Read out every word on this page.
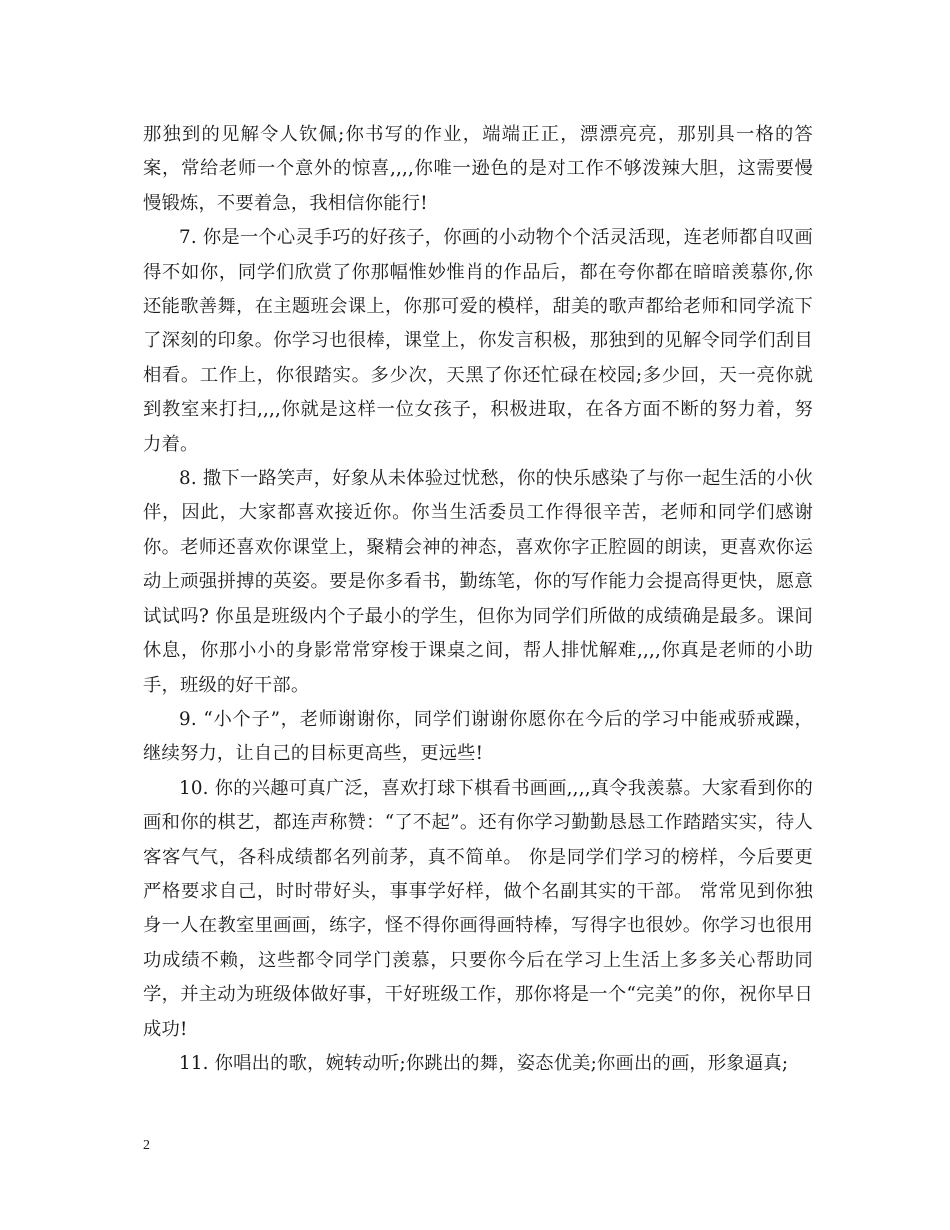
那独到的见解令人钦佩;你书写的作业，端端正正，漂漂亮亮，那别具一格的答案，常给老师一个意外的惊喜,,,,你唯一逊色的是对工作不够泼辣大胆，这需要慢慢锻炼，不要着急，我相信你能行!

7. 你是一个心灵手巧的好孩子，你画的小动物个个活灵活现，连老师都自叹画得不如你，同学们欣赏了你那幅惟妙惟肖的作品后，都在夸你都在暗暗羡慕你,你还能歌善舞，在主题班会课上，你那可爱的模样，甜美的歌声都给老师和同学流下了深刻的印象。你学习也很棒，课堂上，你发言积极，那独到的见解令同学们刮目相看。工作上，你很踏实。多少次，天黑了你还忙碌在校园;多少回，天一亮你就到教室来打扫,,,,你就是这样一位女孩子，积极进取，在各方面不断的努力着，努力着。

8. 撒下一路笑声，好象从未体验过忧愁，你的快乐感染了与你一起生活的小伙伴，因此，大家都喜欢接近你。你当生活委员工作得很辛苦，老师和同学们感谢你。老师还喜欢你课堂上，聚精会神的神态，喜欢你字正腔圆的朗读，更喜欢你运动上顽强拼搏的英姿。要是你多看书，勤练笔，你的写作能力会提高得更快，愿意试试吗? 你虽是班级内个子最小的学生，但你为同学们所做的成绩确是最多。课间休息，你那小小的身影常常穿梭于课桌之间，帮人排忧解难,,,,你真是老师的小助手，班级的好干部。

9. “小个子”，老师谢谢你，同学们谢谢你愿你在今后的学习中能戒骄戒躁，继续努力，让自己的目标更高些，更远些!

10. 你的兴趣可真广泛，喜欢打球下棋看书画画,,,,真令我羡慕。大家看到你的画和你的棋艺，都连声称赞：“了不起”。还有你学习勤勤恳恳工作踏踏实实，待人客客气气，各科成绩都名列前茅，真不简单。 你是同学们学习的榜样，今后要更严格要求自己，时时带好头，事事学好样，做个名副其实的干部。 常常见到你独身一人在教室里画画，练字，怪不得你画得画特棒，写得字也很妙。你学习也很用功成绩不赖，这些都令同学门羡慕，只要你今后在学习上生活上多多关心帮助同学，并主动为班级体做好事，干好班级工作，那你将是一个“完美”的你，祝你早日成功!

11. 你唱出的歌，婉转动听;你跳出的舞，姿态优美;你画出的画，形象逼真;

2
